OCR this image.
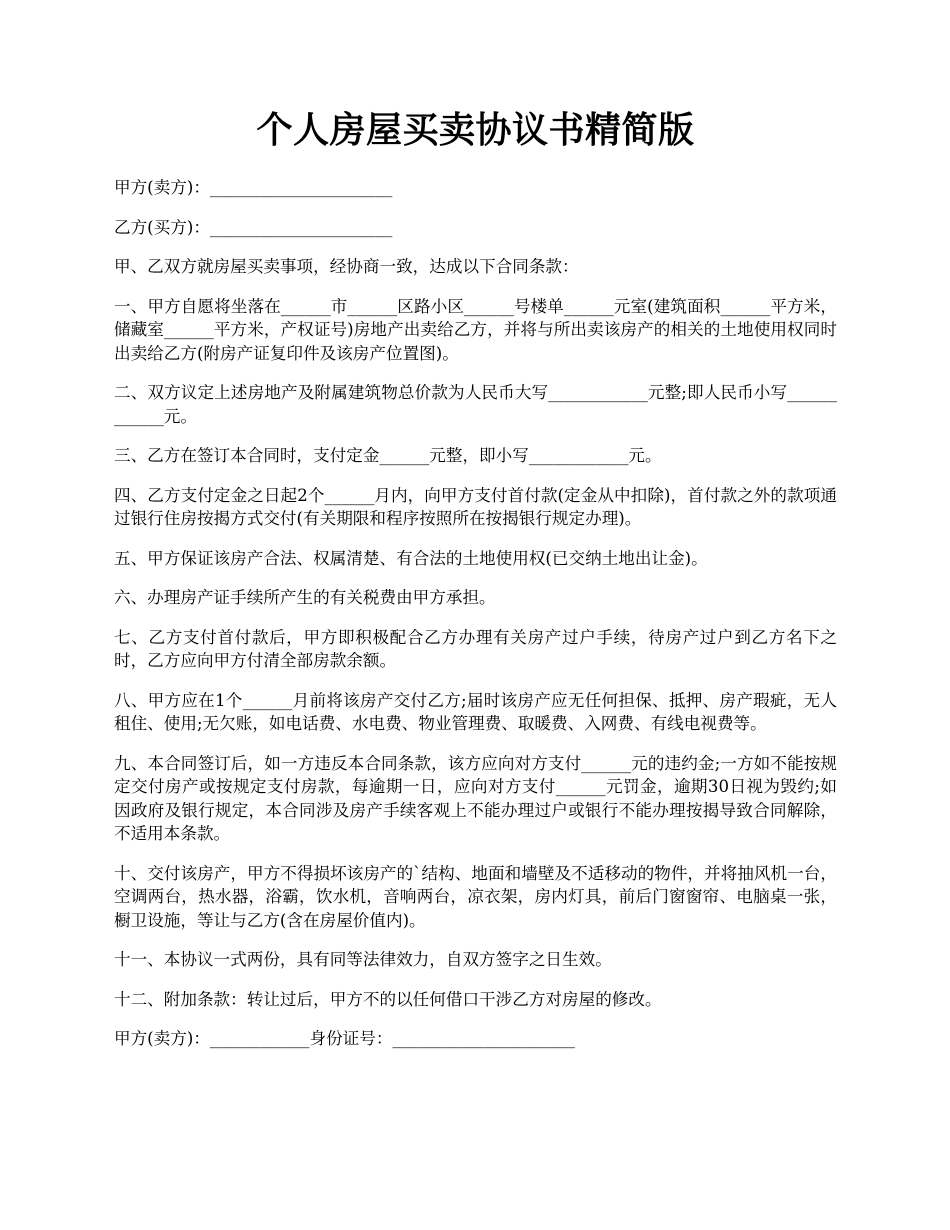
个人房屋买卖协议书精简版

甲方(卖方)：______________________

乙方(买方)：______________________

甲、乙双方就房屋买卖事项，经协商一致，达成以下合同条款：

一、甲方自愿将坐落在______市______区路小区______号楼单______元室(建筑面积______平方米，储藏室______平方米，产权证号)房地产出卖给乙方，并将与所出卖该房产的相关的土地使用权同时出卖给乙方(附房产证复印件及该房产位置图)。

二、双方议定上述房地产及附属建筑物总价款为人民币大写____________元整;即人民币小写____________元。

三、乙方在签订本合同时，支付定金______元整，即小写____________元。

四、乙方支付定金之日起2个______月内，向甲方支付首付款(定金从中扣除)，首付款之外的款项通过银行住房按揭方式交付(有关期限和程序按照所在按揭银行规定办理)。

五、甲方保证该房产合法、权属清楚、有合法的土地使用权(已交纳土地出让金)。

六、办理房产证手续所产生的有关税费由甲方承担。

七、乙方支付首付款后，甲方即积极配合乙方办理有关房产过户手续，待房产过户到乙方名下之时，乙方应向甲方付清全部房款余额。

八、甲方应在1个______月前将该房产交付乙方;届时该房产应无任何担保、抵押、房产瑕疵，无人租住、使用;无欠账，如电话费、水电费、物业管理费、取暖费、入网费、有线电视费等。

九、本合同签订后，如一方违反本合同条款，该方应向对方支付______元的违约金;一方如不能按规定交付房产或按规定支付房款，每逾期一日，应向对方支付______元罚金，逾期30日视为毁约;如因政府及银行规定，本合同涉及房产手续客观上不能办理过户或银行不能办理按揭导致合同解除，不适用本条款。

十、交付该房产，甲方不得损坏该房产的`结构、地面和墙壁及不适移动的物件，并将抽风机一台，空调两台，热水器，浴霸，饮水机，音响两台，凉衣架，房内灯具，前后门窗窗帘、电脑桌一张，橱卫设施，等让与乙方(含在房屋价值内)。

十一、本协议一式两份，具有同等法律效力，自双方签字之日生效。

十二、附加条款：转让过后，甲方不的以任何借口干涉乙方对房屋的修改。

甲方(卖方)：____________身份证号：______________________
